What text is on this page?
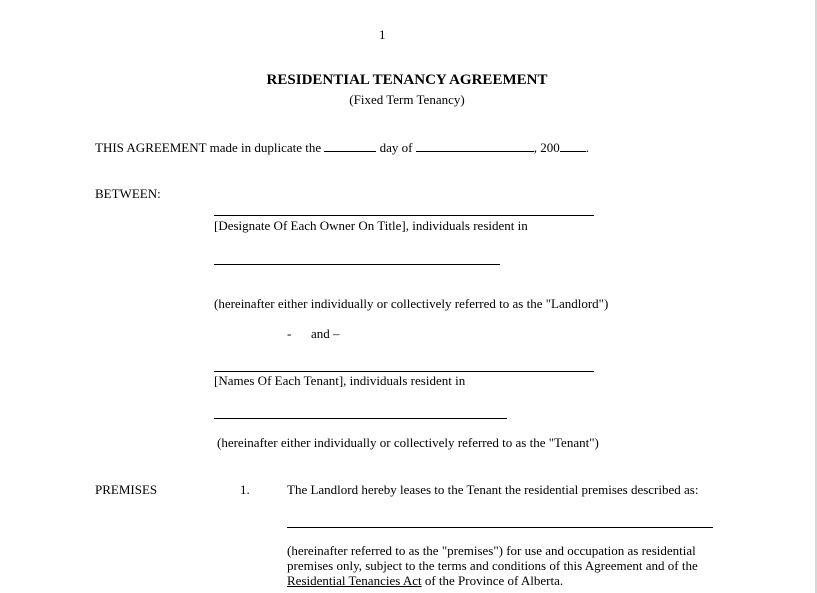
1
RESIDENTIAL TENANCY AGREEMENT
(Fixed Term Tenancy)
THIS AGREEMENT made in duplicate the	day of	, 200 .
BETWEEN:
[Designate Of Each Owner On Title], individuals resident in
(hereinafter either individually or collectively referred to as the "Landlord")
- and –
[Names Of Each Tenant], individuals resident in
(hereinafter either individually or collectively referred to as the "Tenant")
PREMISES	1.	The Landlord hereby leases to the Tenant the residential premises described as:
(hereinafter referred to as the "premises") for use and occupation as residential premises only, subject to the terms and conditions of this Agreement and of the Residential Tenancies Act of the Province of Alberta.
